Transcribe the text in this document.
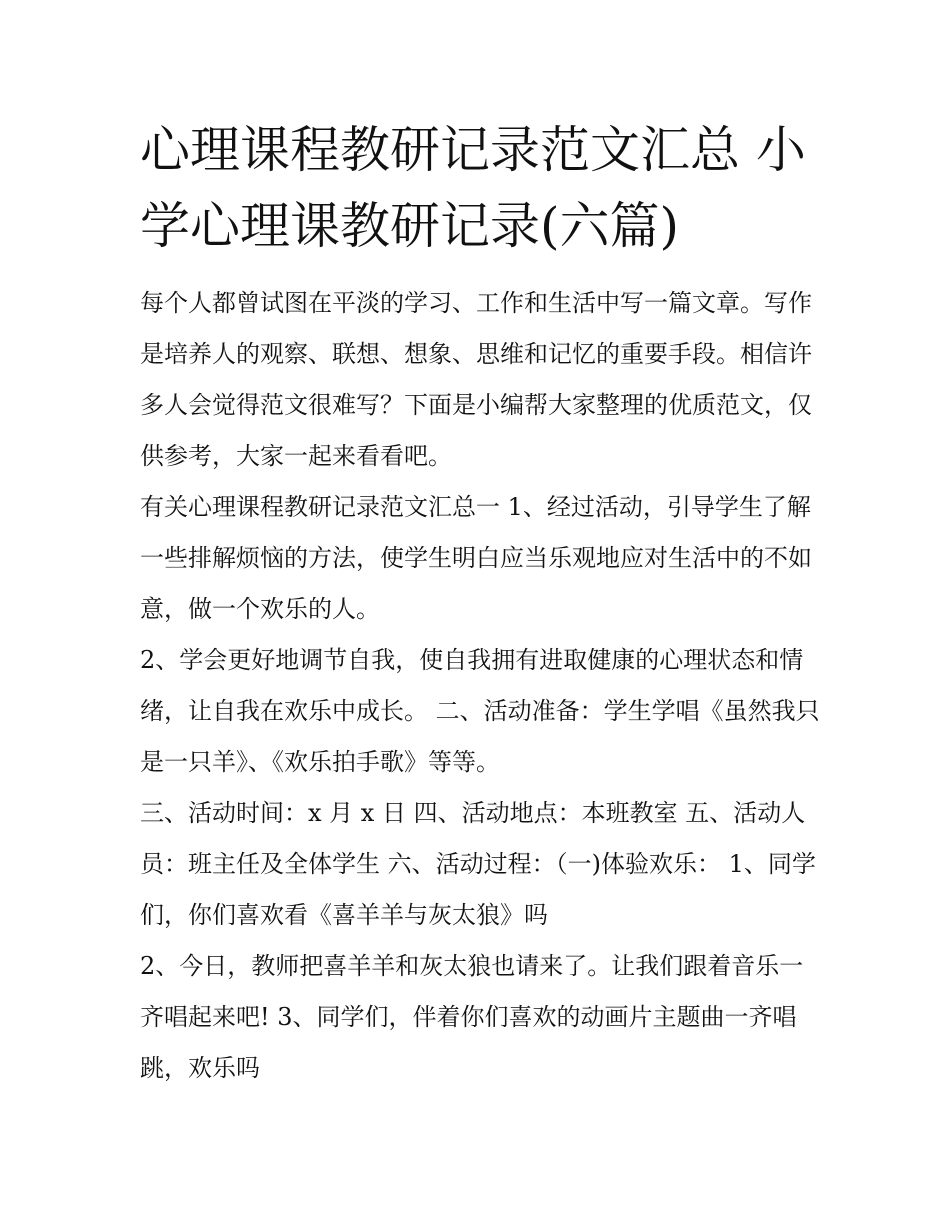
心理课程教研记录范文汇总 小学心理课教研记录(六篇)

每个人都曾试图在平淡的学习、工作和生活中写一篇文章。写作是培养人的观察、联想、想象、思维和记忆的重要手段。相信许多人会觉得范文很难写？下面是小编帮大家整理的优质范文，仅供参考，大家一起来看看吧。

有关心理课程教研记录范文汇总一 1、经过活动，引导学生了解一些排解烦恼的方法，使学生明白应当乐观地应对生活中的不如意，做一个欢乐的人。

2、学会更好地调节自我，使自我拥有进取健康的心理状态和情绪，让自我在欢乐中成长。 二、活动准备：学生学唱《虽然我只是一只羊》、《欢乐拍手歌》等等。

三、活动时间：x 月 x 日 四、活动地点：本班教室 五、活动人员：班主任及全体学生 六、活动过程：（一)体验欢乐： 1、同学们，你们喜欢看《喜羊羊与灰太狼》吗

2、今日，教师把喜羊羊和灰太狼也请来了。让我们跟着音乐一齐唱起来吧! 3、同学们，伴着你们喜欢的动画片主题曲一齐唱跳，欢乐吗
